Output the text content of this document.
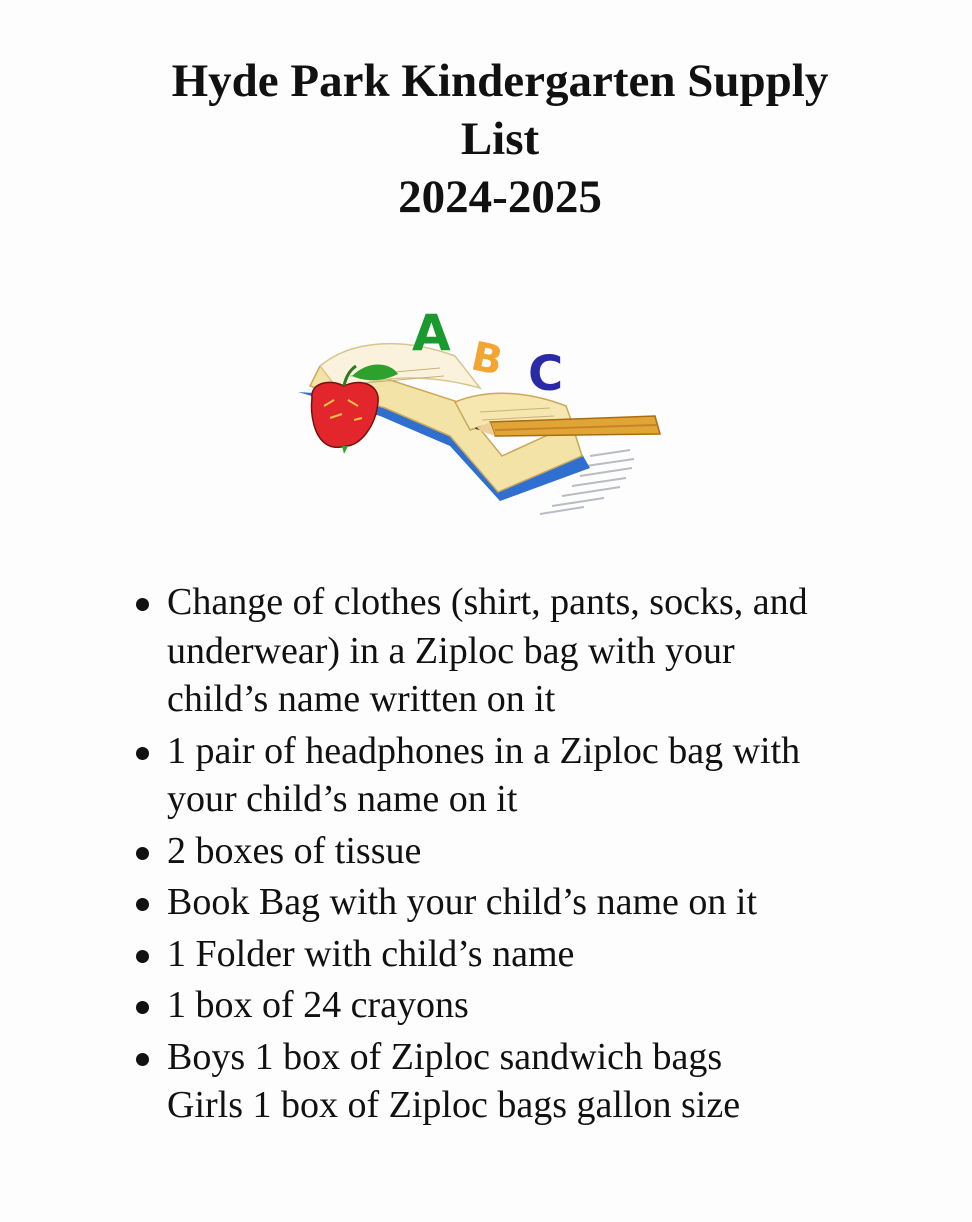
Hyde Park Kindergarten Supply
List
2024-2025
A B C
Change of clothes (shirt, pants, socks, and
underwear) in a Ziploc bag with your
child’s name written on it
1 pair of headphones in a Ziploc bag with
your child’s name on it
2 boxes of tissue
Book Bag with your child’s name on it
1 Folder with child’s name
1 box of 24 crayons
Boys 1 box of Ziploc sandwich bags
Girls 1 box of Ziploc bags gallon size
